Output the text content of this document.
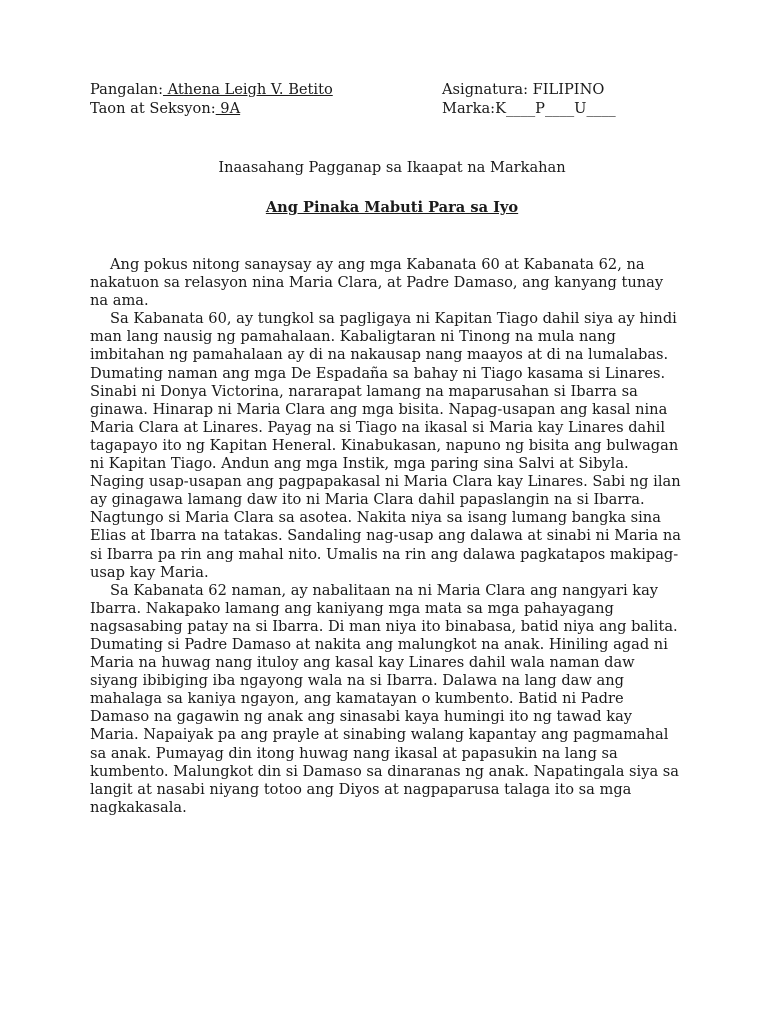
Pangalan: Athena Leigh V. Betito	Asignatura: FILIPINO
Taon at Seksyon: 9A	Marka:K____P____U____
Inaasahang Pagganap sa Ikaapat na Markahan
Ang Pinaka Mabuti Para sa Iyo
Ang pokus nitong sanaysay ay ang mga Kabanata 60 at Kabanata 62, na
nakatuon sa relasyon nina Maria Clara, at Padre Damaso, ang kanyang tunay
na ama.
Sa Kabanata 60, ay tungkol sa pagligaya ni Kapitan Tiago dahil siya ay hindi
man lang nausig ng pamahalaan. Kabaligtaran ni Tinong na mula nang
imbitahan ng pamahalaan ay di na nakausap nang maayos at di na lumalabas.
Dumating naman ang mga De Espadaña sa bahay ni Tiago kasama si Linares.
Sinabi ni Donya Victorina, nararapat lamang na maparusahan si Ibarra sa
ginawa. Hinarap ni Maria Clara ang mga bisita. Napag-usapan ang kasal nina
Maria Clara at Linares. Payag na si Tiago na ikasal si Maria kay Linares dahil
tagapayo ito ng Kapitan Heneral. Kinabukasan, napuno ng bisita ang bulwagan
ni Kapitan Tiago. Andun ang mga Instik, mga paring sina Salvi at Sibyla.
Naging usap-usapan ang pagpapakasal ni Maria Clara kay Linares. Sabi ng ilan
ay ginagawa lamang daw ito ni Maria Clara dahil papaslangin na si Ibarra.
Nagtungo si Maria Clara sa asotea. Nakita niya sa isang lumang bangka sina
Elias at Ibarra na tatakas. Sandaling nag-usap ang dalawa at sinabi ni Maria na
si Ibarra pa rin ang mahal nito. Umalis na rin ang dalawa pagkatapos makipag-
usap kay Maria.
Sa Kabanata 62 naman, ay nabalitaan na ni Maria Clara ang nangyari kay
Ibarra. Nakapako lamang ang kaniyang mga mata sa mga pahayagang
nagsasabing patay na si Ibarra. Di man niya ito binabasa, batid niya ang balita.
Dumating si Padre Damaso at nakita ang malungkot na anak. Hiniling agad ni
Maria na huwag nang ituloy ang kasal kay Linares dahil wala naman daw
siyang ibibiging iba ngayong wala na si Ibarra. Dalawa na lang daw ang
mahalaga sa kaniya ngayon, ang kamatayan o kumbento. Batid ni Padre
Damaso na gagawin ng anak ang sinasabi kaya humingi ito ng tawad kay
Maria. Napaiyak pa ang prayle at sinabing walang kapantay ang pagmamahal
sa anak. Pumayag din itong huwag nang ikasal at papasukin na lang sa
kumbento. Malungkot din si Damaso sa dinaranas ng anak. Napatingala siya sa
langit at nasabi niyang totoo ang Diyos at nagpaparusa talaga ito sa mga
nagkakasala.
